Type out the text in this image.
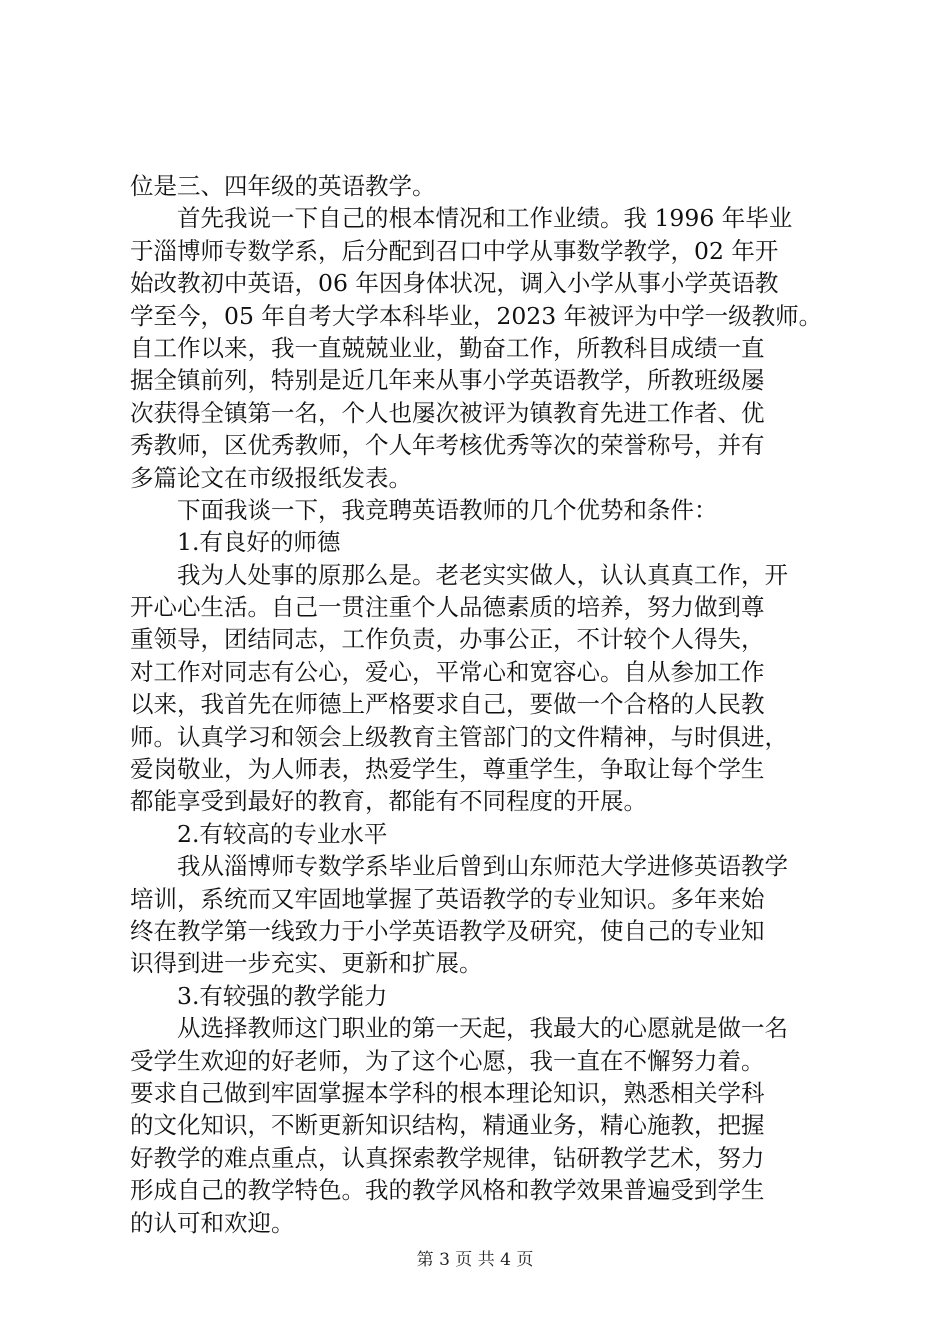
位是三、四年级的英语教学。
首先我说一下自己的根本情况和工作业绩。我 1996 年毕业
于淄博师专数学系，后分配到召口中学从事数学教学，02 年开
始改教初中英语，06 年因身体状况，调入小学从事小学英语教
学至今，05 年自考大学本科毕业，2023 年被评为中学一级教师。
自工作以来，我一直兢兢业业，勤奋工作，所教科目成绩一直
据全镇前列，特别是近几年来从事小学英语教学，所教班级屡
次获得全镇第一名，个人也屡次被评为镇教育先进工作者、优
秀教师，区优秀教师，个人年考核优秀等次的荣誉称号，并有
多篇论文在市级报纸发表。
下面我谈一下，我竞聘英语教师的几个优势和条件：
1.有良好的师德
我为人处事的原那么是。老老实实做人，认认真真工作，开
开心心生活。自己一贯注重个人品德素质的培养，努力做到尊
重领导，团结同志，工作负责，办事公正，不计较个人得失，
对工作对同志有公心，爱心，平常心和宽容心。自从参加工作
以来，我首先在师德上严格要求自己，要做一个合格的人民教
师。认真学习和领会上级教育主管部门的文件精神，与时俱进，
爱岗敬业，为人师表，热爱学生，尊重学生，争取让每个学生
都能享受到最好的教育，都能有不同程度的开展。
2.有较高的专业水平
我从淄博师专数学系毕业后曾到山东师范大学进修英语教学
培训，系统而又牢固地掌握了英语教学的专业知识。多年来始
终在教学第一线致力于小学英语教学及研究，使自己的专业知
识得到进一步充实、更新和扩展。
3.有较强的教学能力
从选择教师这门职业的第一天起，我最大的心愿就是做一名
受学生欢迎的好老师，为了这个心愿，我一直在不懈努力着。
要求自己做到牢固掌握本学科的根本理论知识，熟悉相关学科
的文化知识，不断更新知识结构，精通业务，精心施教，把握
好教学的难点重点，认真探索教学规律，钻研教学艺术，努力
形成自己的教学特色。我的教学风格和教学效果普遍受到学生
的认可和欢迎。
第 3 页 共 4 页
